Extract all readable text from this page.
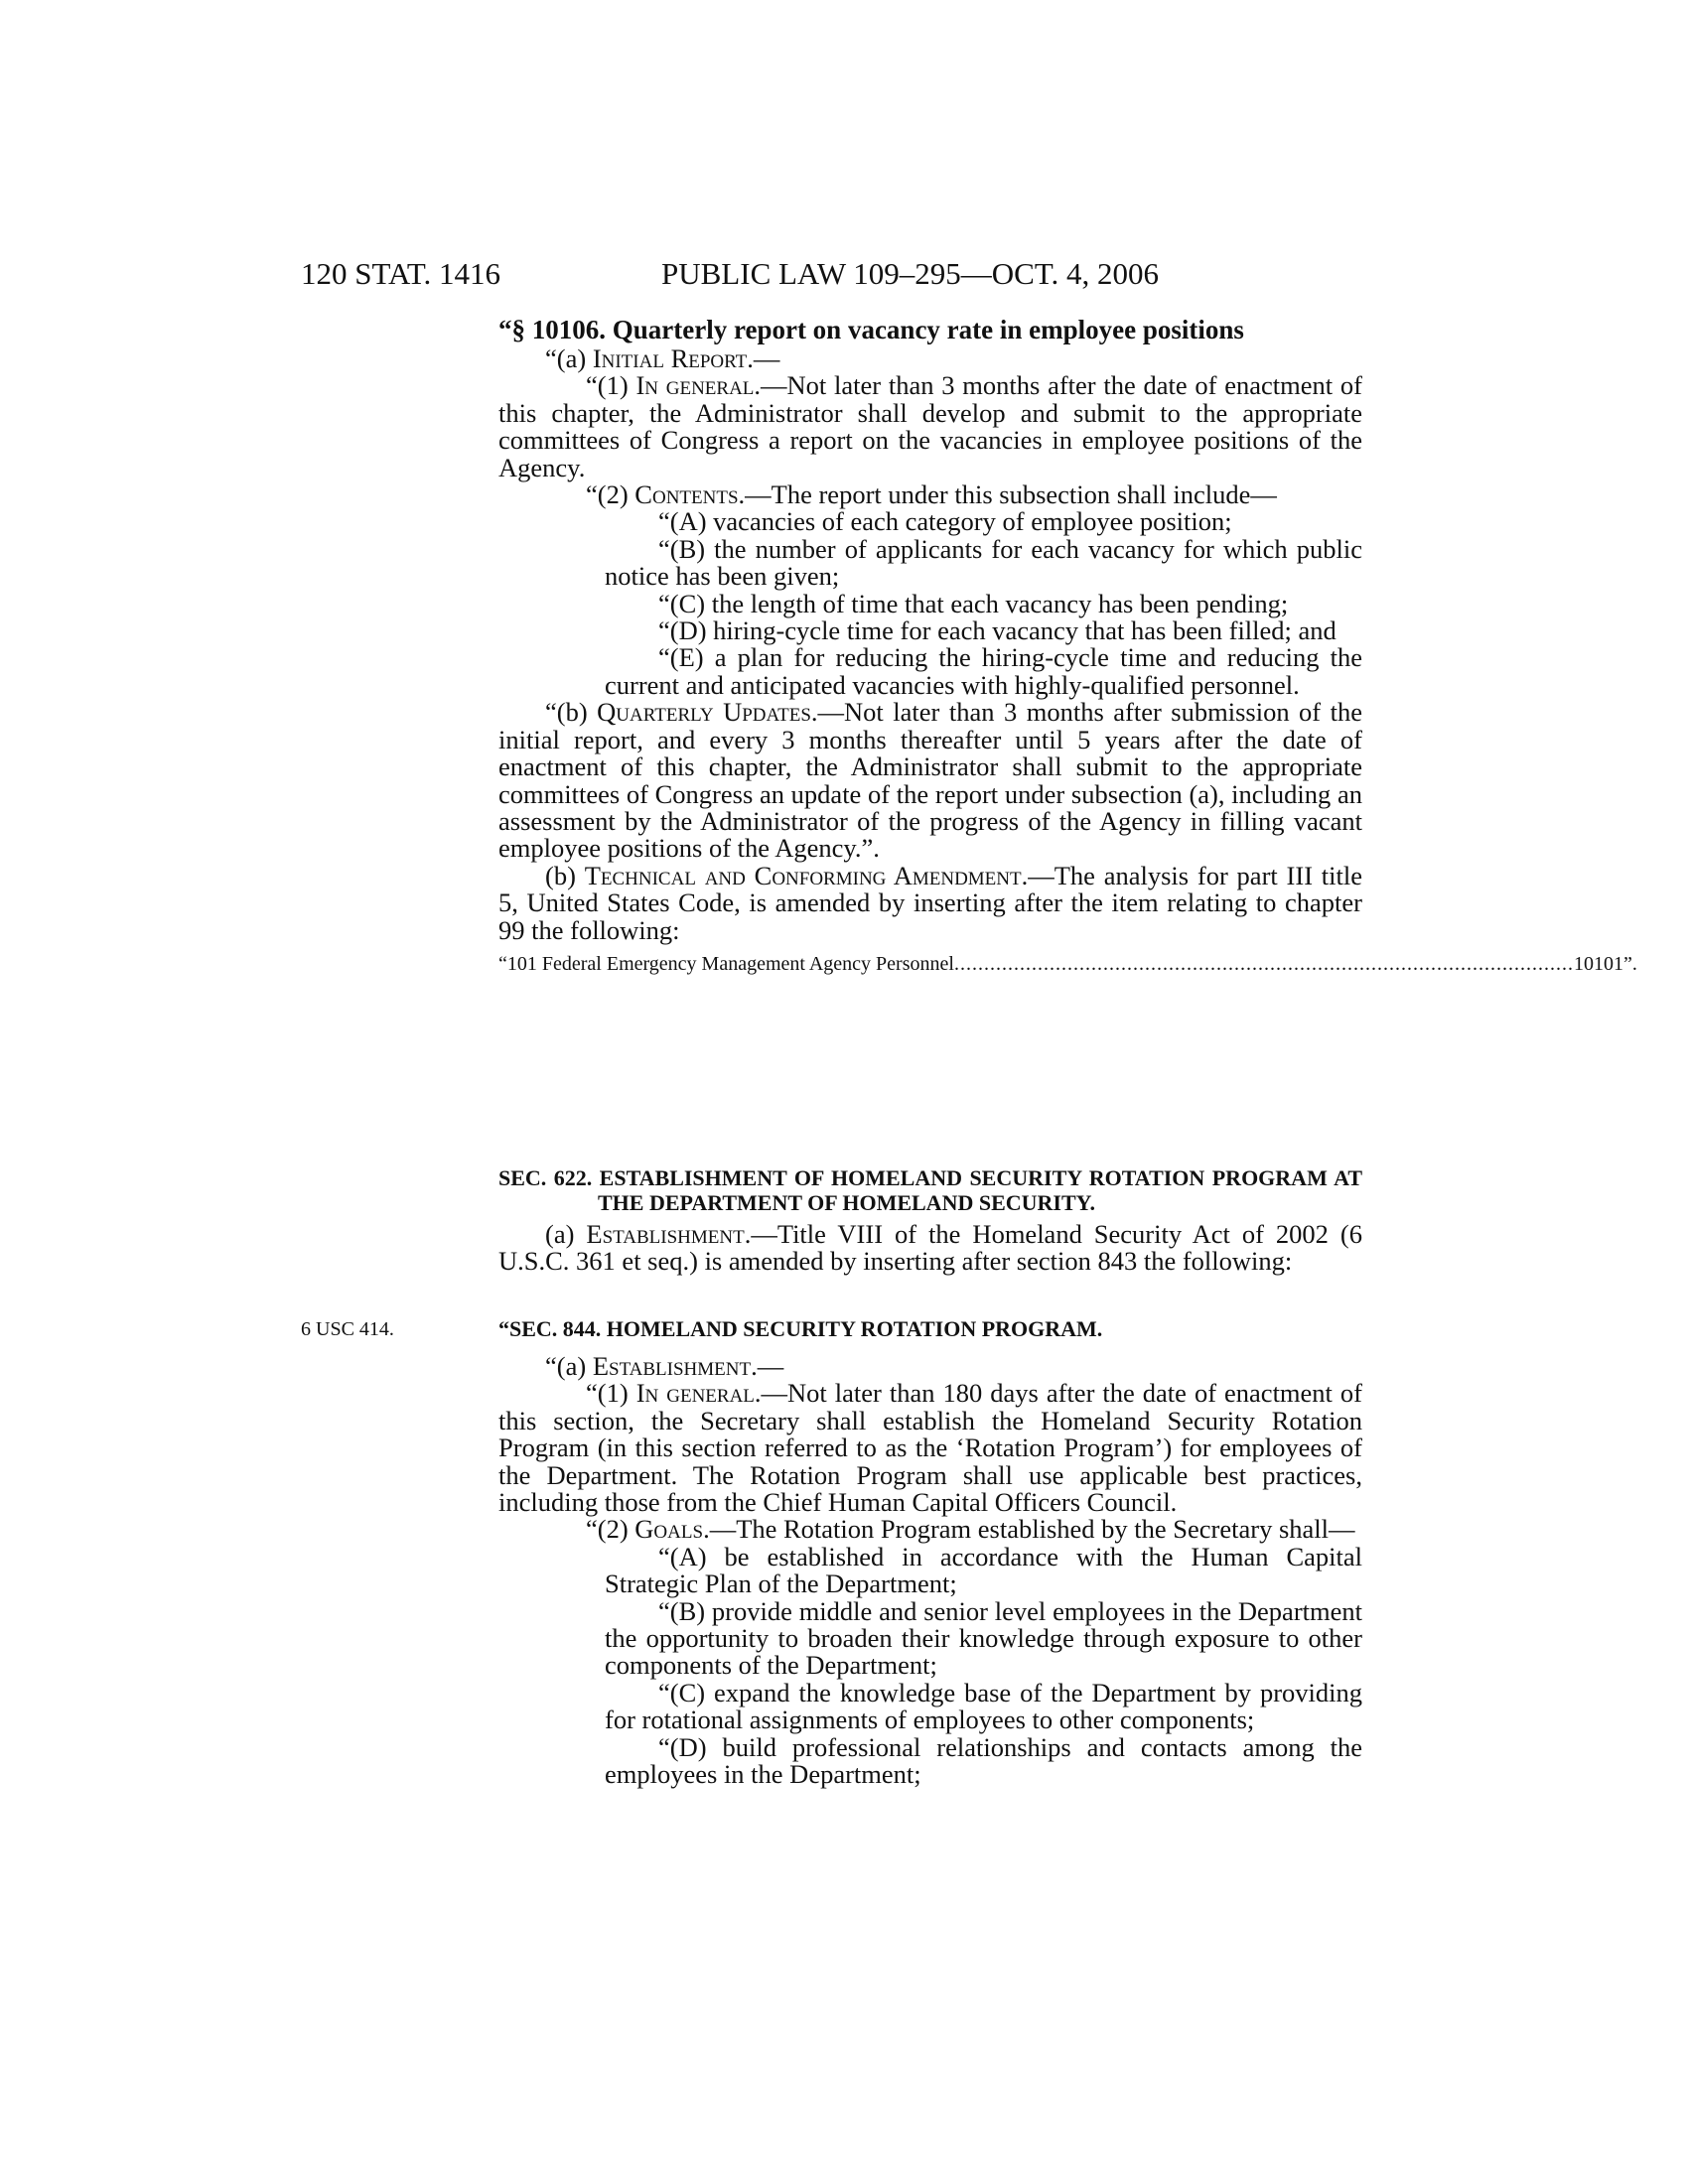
120 STAT. 1416	PUBLIC LAW 109–295—OCT. 4, 2006

“§ 10106. Quarterly report on vacancy rate in employee positions

“(a) Initial Report.—

“(1) In general.—Not later than 3 months after the date of enactment of this chapter, the Administrator shall develop and submit to the appropriate committees of Congress a report on the vacancies in employee positions of the Agency.

“(2) Contents.—The report under this subsection shall include—

“(A) vacancies of each category of employee position;

“(B) the number of applicants for each vacancy for which public notice has been given;

“(C) the length of time that each vacancy has been pending;

“(D) hiring-cycle time for each vacancy that has been filled; and

“(E) a plan for reducing the hiring-cycle time and reducing the current and anticipated vacancies with highly-qualified personnel.

“(b) Quarterly Updates.—Not later than 3 months after submission of the initial report, and every 3 months thereafter until 5 years after the date of enactment of this chapter, the Administrator shall submit to the appropriate committees of Congress an update of the report under subsection (a), including an assessment by the Administrator of the progress of the Agency in filling vacant employee positions of the Agency.”.

(b) Technical and Conforming Amendment.—The analysis for part III title 5, United States Code, is amended by inserting after the item relating to chapter 99 the following:

“101 Federal Emergency Management Agency Personnel ........................................................................................................ 10101”.

SEC. 622. ESTABLISHMENT OF HOMELAND SECURITY ROTATION PROGRAM AT THE DEPARTMENT OF HOMELAND SECURITY.

(a) Establishment.—Title VIII of the Homeland Security Act of 2002 (6 U.S.C. 361 et seq.) is amended by inserting after section 843 the following:

6 USC 414.	“SEC. 844. HOMELAND SECURITY ROTATION PROGRAM.

“(a) Establishment.—

“(1) In general.—Not later than 180 days after the date of enactment of this section, the Secretary shall establish the Homeland Security Rotation Program (in this section referred to as the ‘Rotation Program’) for employees of the Department. The Rotation Program shall use applicable best practices, including those from the Chief Human Capital Officers Council.

“(2) Goals.—The Rotation Program established by the Secretary shall—

“(A) be established in accordance with the Human Capital Strategic Plan of the Department;

“(B) provide middle and senior level employees in the Department the opportunity to broaden their knowledge through exposure to other components of the Department;

“(C) expand the knowledge base of the Department by providing for rotational assignments of employees to other components;

“(D) build professional relationships and contacts among the employees in the Department;
